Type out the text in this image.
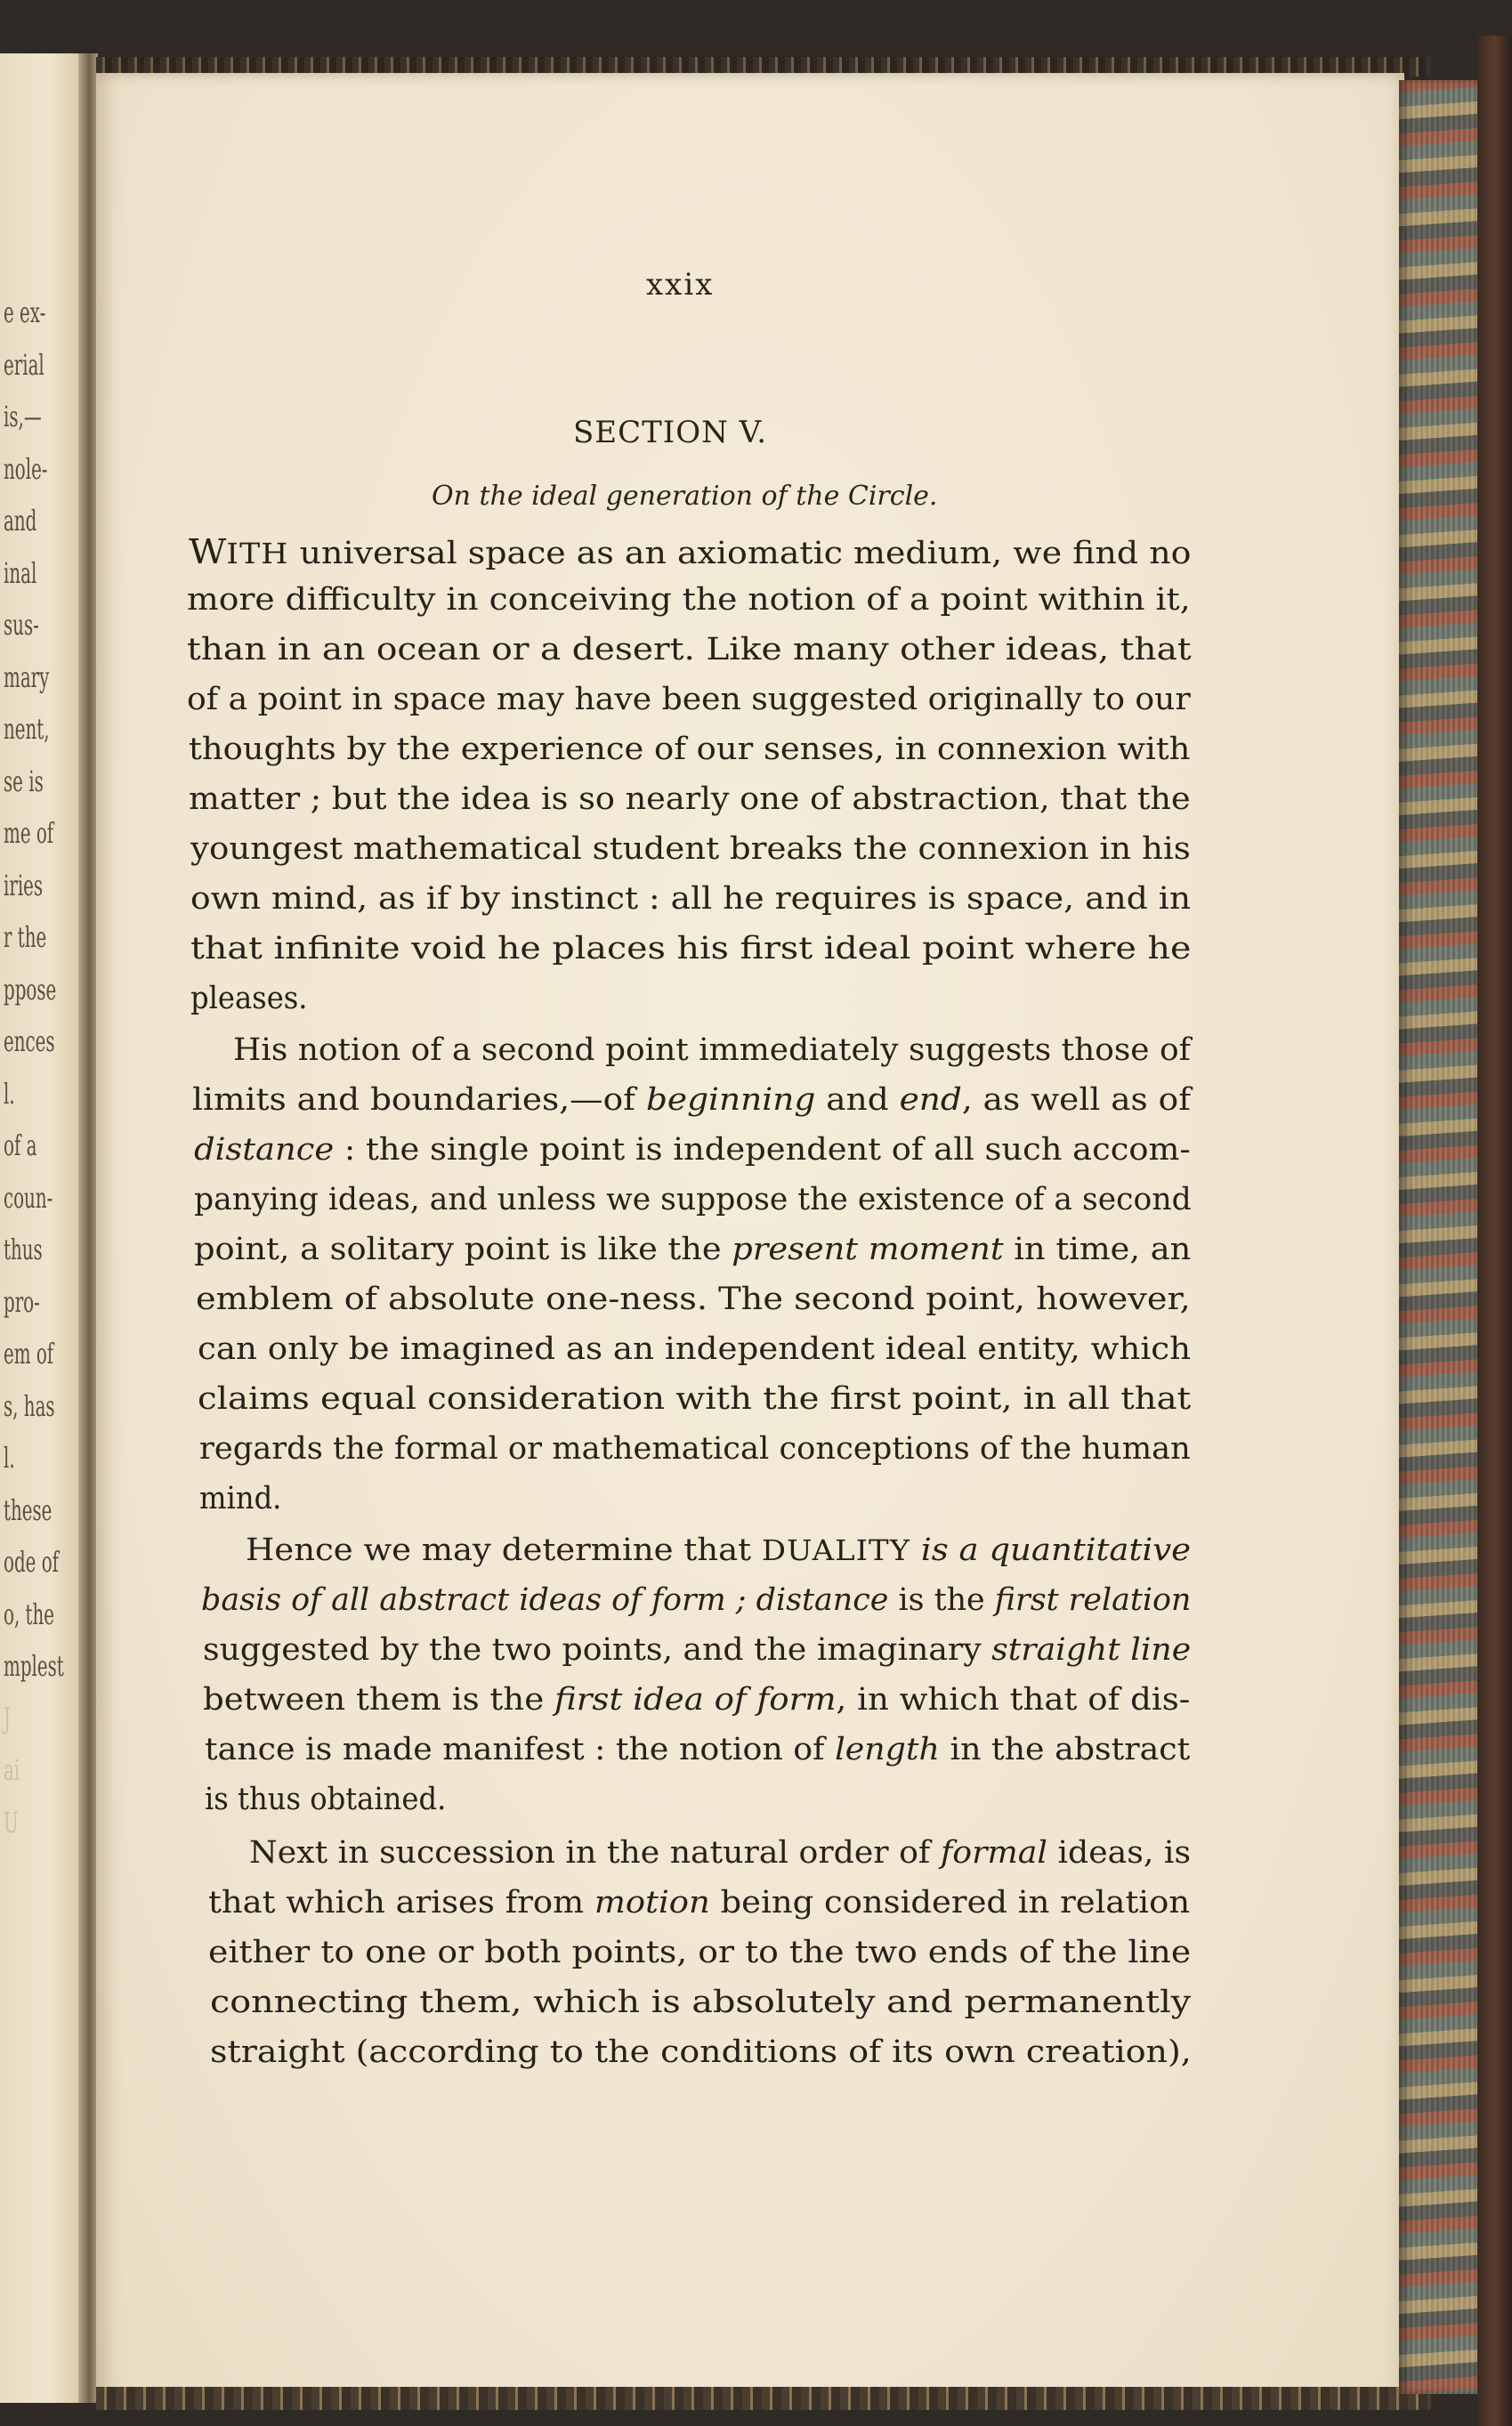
e ex-
erial
is,—
nole-
and
inal
sus-
mary
nent,
se is
me of
iries
r the
ppose
ences
l.
of a
coun-
thus
pro-
em of
s, has
l.
these
ode of
o, the
mplest
J
ai
U
xxix
SECTION V.
On the ideal generation of the Circle.
WITH universal space as an axiomatic medium, we find no
more difficulty in conceiving the notion of a point within it,
than in an ocean or a desert. Like many other ideas, that
of a point in space may have been suggested originally to our
thoughts by the experience of our senses, in connexion with
matter ; but the idea is so nearly one of abstraction, that the
youngest mathematical student breaks the connexion in his
own mind, as if by instinct : all he requires is space, and in
that infinite void he places his first ideal point where he
pleases.
His notion of a second point immediately suggests those of
limits and boundaries,—of beginning and end, as well as of
distance : the single point is independent of all such accom-
panying ideas, and unless we suppose the existence of a second
point, a solitary point is like the present moment in time, an
emblem of absolute one-ness. The second point, however,
can only be imagined as an independent ideal entity, which
claims equal consideration with the first point, in all that
regards the formal or mathematical conceptions of the human
mind.
Hence we may determine that DUALITY is a quantitative
basis of all abstract ideas of form ; distance is the first relation
suggested by the two points, and the imaginary straight line
between them is the first idea of form, in which that of dis-
tance is made manifest : the notion of length in the abstract
is thus obtained.
Next in succession in the natural order of formal ideas, is
that which arises from motion being considered in relation
either to one or both points, or to the two ends of the line
connecting them, which is absolutely and permanently
straight (according to the conditions of its own creation),
